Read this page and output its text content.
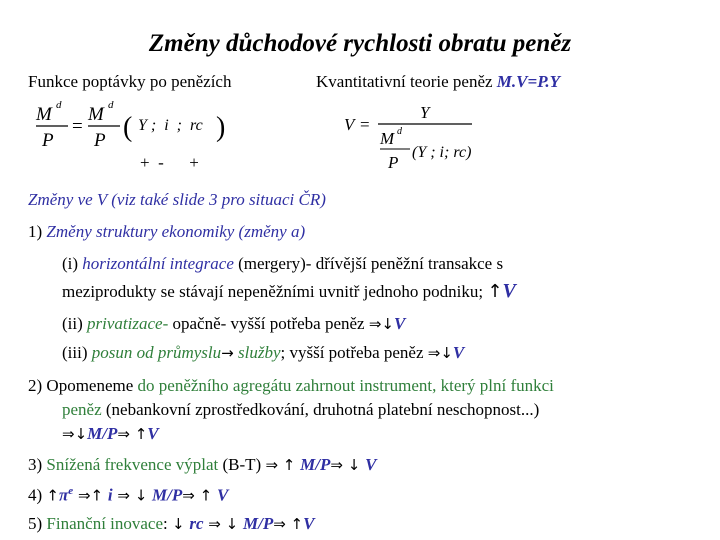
Změny důchodové rychlosti obratu peněz
Funkce poptávky po penězích	Kvantitativní teorie peněz M.V=P.Y
M d
P
=
M d
P ( Y ;  i  ;  rc )
+  -      +
V =
Y
M d
P
(Y ; i; rc)
Změny ve V (viz také slide 3 pro situaci ČR)
1) Změny struktury ekonomiky (změny a)
(i) horizontální integrace (mergery)- dřívější peněžní transakce s
meziprodukty se stávají nepeněžními uvnitř jednoho podniku; ↑V
(ii) privatizace- opačně- vyšší potřeba peněz ⇒↓V
(iii) posun od průmyslu→ služby; vyšší potřeba peněz ⇒↓V
2) Opomeneme do peněžního agregátu zahrnout instrument, který plní funkci
peněz (nebankovní zprostředkování, druhotná platební neschopnost...)
⇒↓M/P⇒ ↑V
3) Snížená frekvence výplat (B-T) ⇒ ↑ M/P⇒ ↓ V
4) $↑\pi^e$ ⇒↑ i ⇒ ↓ M/P⇒ ↑ V
5) Finanční inovace: ↓ rc ⇒ ↓ M/P⇒ ↑V
